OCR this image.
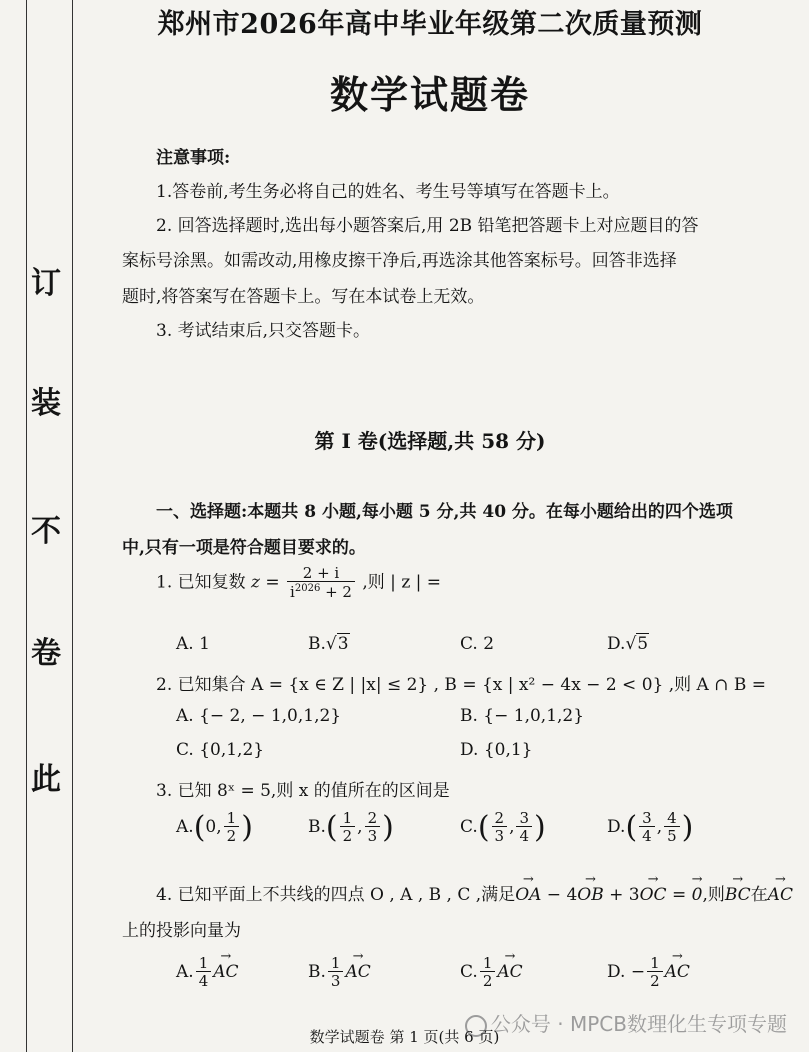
订
装
不
卷
此
郑州市2026年高中毕业年级第二次质量预测
数学试题卷
注意事项:
1.答卷前,考生务必将自己的姓名、考生号等填写在答题卡上。
2. 回答选择题时,选出每小题答案后,用 2B 铅笔把答题卡上对应题目的答
案标号涂黑。如需改动,用橡皮擦干净后,再选涂其他答案标号。回答非选择
题时,将答案写在答题卡上。写在本试卷上无效。
3. 考试结束后,只交答题卡。
第 Ⅰ 卷(选择题,共 58 分)
一、选择题:本题共 8 小题,每小题 5 分,共 40 分。在每小题给出的四个选项
中,只有一项是符合题目要求的。
1. 已知复数 $z = \frac{2 + i}{i^{2026} + 2}$ ,则 | z | =
A. 1	B.√3	C. 2	D.√5
2. 已知集合 A = {x ∈ Z | |x| ≤ 2} , B = {x | x² − 4x − 2 < 0} ,则 A ∩ B =
A. {− 2, − 1,0,1,2}	B. {− 1,0,1,2}
C. {0,1,2}	D. {0,1}
3. 已知 8ˣ = 5,则 x 的值所在的区间是
A.(0, $\frac{1}{2}$ )	$B.( \frac{1}{2}$ , $\frac{2}{3}$ )	$C.( \frac{2}{3}$ , $\frac{3}{4}$ )	$D.( \frac{3}{4}$ , $\frac{4}{5}$ )
4. 已知平面上不共线的四点 O , A , B , C ,满足OA → − 4OB → + 3OC → = 0 →,则BC →在AC →
上的投影向量为
A. $\frac{1}{4}$ AC →	B. $\frac{1}{3}$ AC →	C. $\frac{1}{2}$ AC →	D. − $\frac{1}{2}$ AC →
公众号 · MPCB数理化生专项专题
数学试题卷 第 1 页(共 6 页)
